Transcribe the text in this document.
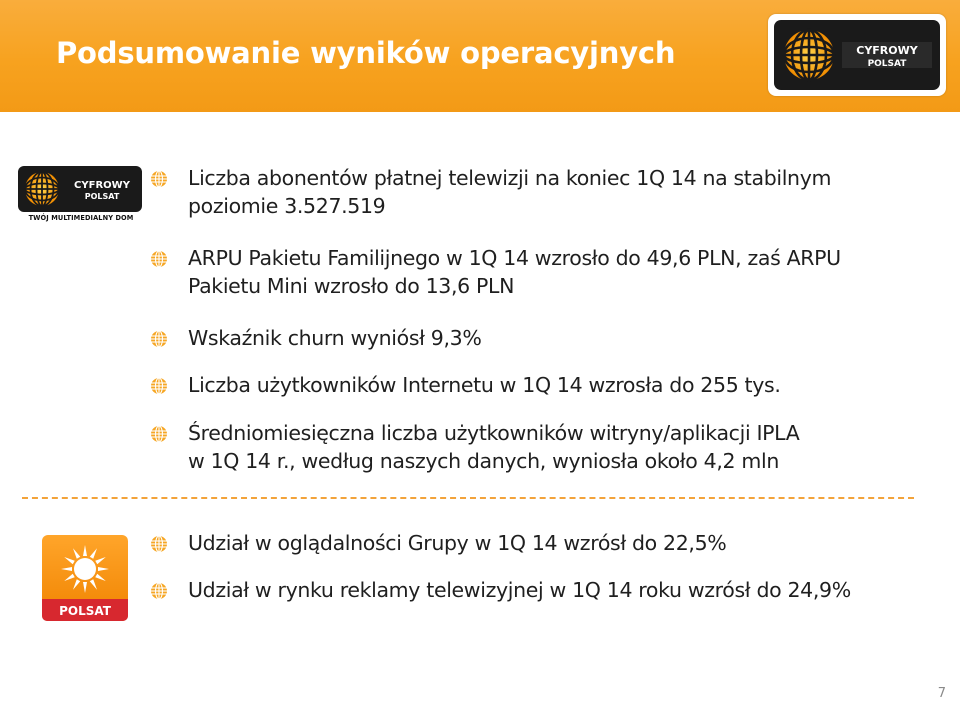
Podsumowanie wyników operacyjnych	CYFROWY
POLSAT
CYFROWY
POLSAT
TWÓJ MULTIMEDIALNY DOM
Liczba abonentów płatnej telewizji na koniec 1Q 14 na stabilnym
poziomie 3.527.519
ARPU Pakietu Familijnego w 1Q 14 wzrosło do 49,6 PLN, zaś ARPU
Pakietu Mini wzrosło do 13,6 PLN
Wskaźnik churn wyniósł 9,3%
Liczba użytkowników Internetu w 1Q 14 wzrosła do 255 tys.
Średniomiesięczna liczba użytkowników witryny/aplikacji IPLA
w 1Q 14 r., według naszych danych, wyniosła około 4,2 mln
Udział w oglądalności Grupy w 1Q 14 wzrósł do 22,5%
Udział w rynku reklamy telewizyjnej w 1Q 14 roku wzrósł do 24,9%
POLSAT
7
